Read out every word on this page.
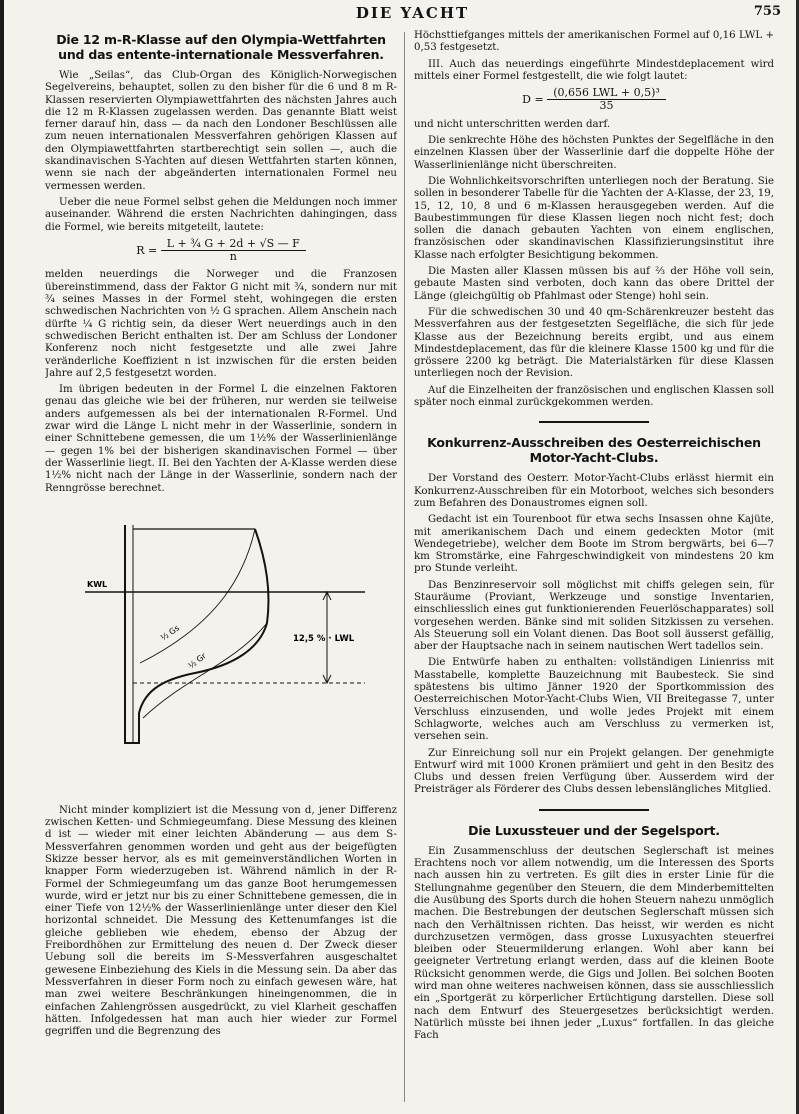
DIE YACHT	755
Die 12 m-R-Klasse auf den Olympia-Wettfahrten und das entente-internationale Messverfahren.

Wie „Seilas“, das Club-Organ des Königlich-Norwegischen Segelvereins, behauptet, sollen zu den bisher für die 6 und 8 m R-Klassen reservierten Olympiawettfahrten des nächsten Jahres auch die 12 m R-Klassen zugelassen werden. Das genannte Blatt weist ferner darauf hin, dass — da nach den Londoner Beschlüssen alle zum neuen internationalen Messverfahren gehörigen Klassen auf den Olympiawettfahrten startberechtigt sein sollen —, auch die skandinavischen S-Yachten auf diesen Wettfahrten starten können, wenn sie nach der abgeänderten internationalen Formel neu vermessen werden.

Ueber die neue Formel selbst gehen die Meldungen noch immer auseinander. Während die ersten Nachrichten dahingingen, dass die Formel, wie bereits mitgeteilt, lautete:

$R = \frac{\text{L + ¾ G + 2d + √S — F}}{n}$

melden neuerdings die Norweger und die Franzosen übereinstimmend, dass der Faktor G nicht mit ¾, sondern nur mit ¾ seines Masses in der Formel steht, wohingegen die ersten schwedischen Nachrichten von ½ G sprachen. Allem Anschein nach dürfte ¼ G richtig sein, da dieser Wert neuerdings auch in den schwedischen Bericht enthalten ist. Der am Schluss der Londoner Konferenz noch nicht festgesetzte und alle zwei Jahre veränderliche Koeffizient n ist inzwischen für die ersten beiden Jahre auf 2,5 festgesetzt worden.

Im übrigen bedeuten in der Formel L die einzelnen Faktoren genau das gleiche wie bei der früheren, nur werden sie teilweise anders aufgemessen als bei der internationalen R-Formel. Und zwar wird die Länge L nicht mehr in der Wasserlinie, sondern in einer Schnittebene gemessen, die um 1½% der Wasserlinienlänge — gegen 1% bei der bisherigen skandinavischen Formel — über der Wasserlinie liegt. II. Bei den Yachten der A-Klasse werden diese 1½% nicht nach der Länge in der Wasserlinie, sondern nach der Renngrösse berechnet.

KWL
½ Gs
½ Gr
12,5 % · LWL

Nicht minder kompliziert ist die Messung von d, jener Differenz zwischen Ketten- und Schmiegeumfang. Diese Messung des kleinen d ist — wieder mit einer leichten Abänderung — aus dem S-Messverfahren genommen worden und geht aus der beigefügten Skizze besser hervor, als es mit gemeinverständlichen Worten in knapper Form wiederzugeben ist. Während nämlich in der R-Formel der Schmiegeumfang um das ganze Boot herumgemessen wurde, wird er jetzt nur bis zu einer Schnittebene gemessen, die in einer Tiefe von 12½% der Wasserlinienlänge unter dieser den Kiel horizontal schneidet. Die Messung des Kettenumfanges ist die gleiche geblieben wie ehedem, ebenso der Abzug der Freibordhöhen zur Ermittelung des neuen d. Der Zweck dieser Uebung soll die bereits im S-Messverfahren ausgeschaltet gewesene Einbeziehung des Kiels in die Messung sein. Da aber das Messverfahren in dieser Form noch zu einfach gewesen wäre, hat man zwei weitere Beschränkungen hineingenommen, die in einfachen Zahlengrössen ausgedrückt, zu viel Klarheit geschaffen hätten. Infolgedessen hat man auch hier wieder zur Formel gegriffen und die Begrenzung des

Höchsttiefganges mittels der amerikanischen Formel auf 0,16 LWL + 0,53 festgesetzt.

III. Auch das neuerdings eingeführte Mindestdeplacement wird mittels einer Formel festgestellt, die wie folgt lautet:

$D = \frac{\text{(0,656 LWL + 0,5)³}}{35}$

und nicht unterschritten werden darf.

Die senkrechte Höhe des höchsten Punktes der Segelfläche in den einzelnen Klassen über der Wasserlinie darf die doppelte Höhe der Wasserlinienlänge nicht überschreiten.

Die Wohnlichkeitsvorschriften unterliegen noch der Beratung. Sie sollen in besonderer Tabelle für die Yachten der A-Klasse, der 23, 19, 15, 12, 10, 8 und 6 m-Klassen herausgegeben werden. Auf die Baubestimmungen für diese Klassen liegen noch nicht fest; doch sollen die danach gebauten Yachten von einem englischen, französischen oder skandinavischen Klassifizierungsinstitut ihre Klasse nach erfolgter Besichtigung bekommen.

Die Masten aller Klassen müssen bis auf ⅔ der Höhe voll sein, gebaute Masten sind verboten, doch kann das obere Drittel der Länge (gleichgültig ob Pfahlmast oder Stenge) hohl sein.

Für die schwedischen 30 und 40 qm-Schärenkreuzer besteht das Messverfahren aus der festgesetzten Segelfläche, die sich für jede Klasse aus der Bezeichnung bereits ergibt, und aus einem Mindestdeplacement, das für die kleinere Klasse 1500 kg und für die grössere 2200 kg beträgt. Die Materialstärken für diese Klassen unterliegen noch der Revision.

Auf die Einzelheiten der französischen und englischen Klassen soll später noch einmal zurückgekommen werden.

Konkurrenz-Ausschreiben des Oesterreichischen Motor-Yacht-Clubs.

Der Vorstand des Oesterr. Motor-Yacht-Clubs erlässt hiermit ein Konkurrenz-Ausschreiben für ein Motorboot, welches sich besonders zum Befahren des Donaustromes eignen soll.

Gedacht ist ein Tourenboot für etwa sechs Insassen ohne Kajüte, mit amerikanischem Dach und einem gedeckten Motor (mit Wendegetriebe), welcher dem Boote im Strom bergwärts, bei 6—7 km Stromstärke, eine Fahrgeschwindigkeit von mindestens 20 km pro Stunde verleiht.

Das Benzinreservoir soll möglichst mit chiffs gelegen sein, für Stauräume (Proviant, Werkzeuge und sonstige Inventarien, einschliesslich eines gut funktionierenden Feuerlöschapparates) soll vorgesehen werden. Bänke sind mit soliden Sitzkissen zu versehen. Als Steuerung soll ein Volant dienen. Das Boot soll äusserst gefällig, aber der Hauptsache nach in seinem nautischen Wert tadellos sein.

Die Entwürfe haben zu enthalten: vollständigen Linienriss mit Masstabelle, komplette Bauzeichnung mit Baubesteck. Sie sind spätestens bis ultimo Jänner 1920 der Sportkommission des Oesterreichischen Motor-Yacht-Clubs Wien, VII Breitegasse 7, unter Verschluss einzusenden, und wolle jedes Projekt mit einem Schlagworte, welches auch am Verschluss zu vermerken ist, versehen sein.

Zur Einreichung soll nur ein Projekt gelangen. Der genehmigte Entwurf wird mit 1000 Kronen prämiiert und geht in den Besitz des Clubs und dessen freien Verfügung über. Ausserdem wird der Preisträger als Förderer des Clubs dessen lebenslängliches Mitglied.

Die Luxussteuer und der Segelsport.

Ein Zusammenschluss der deutschen Seglerschaft ist meines Erachtens noch vor allem notwendig, um die Interessen des Sports nach aussen hin zu vertreten. Es gilt dies in erster Linie für die Stellungnahme gegenüber den Steuern, die dem Minderbemittelten die Ausübung des Sports durch die hohen Steuern nahezu unmöglich machen. Die Bestrebungen der deutschen Seglerschaft müssen sich nach den Verhältnissen richten. Das heisst, wir werden es nicht durchzusetzen vermögen, dass grosse Luxusyachten steuerfrei bleiben oder Steuermilderung erlangen. Wohl aber kann bei geeigneter Vertretung erlangt werden, dass auf die kleinen Boote Rücksicht genommen werde, die Gigs und Jollen. Bei solchen Booten wird man ohne weiteres nachweisen können, dass sie ausschliesslich ein „Sportgerät zu körperlicher Ertüchtigung darstellen. Diese soll nach dem Entwurf des Steuergesetzes berücksichtigt werden. Natürlich müsste bei ihnen jeder „Luxus“ fortfallen. In das gleiche Fach
